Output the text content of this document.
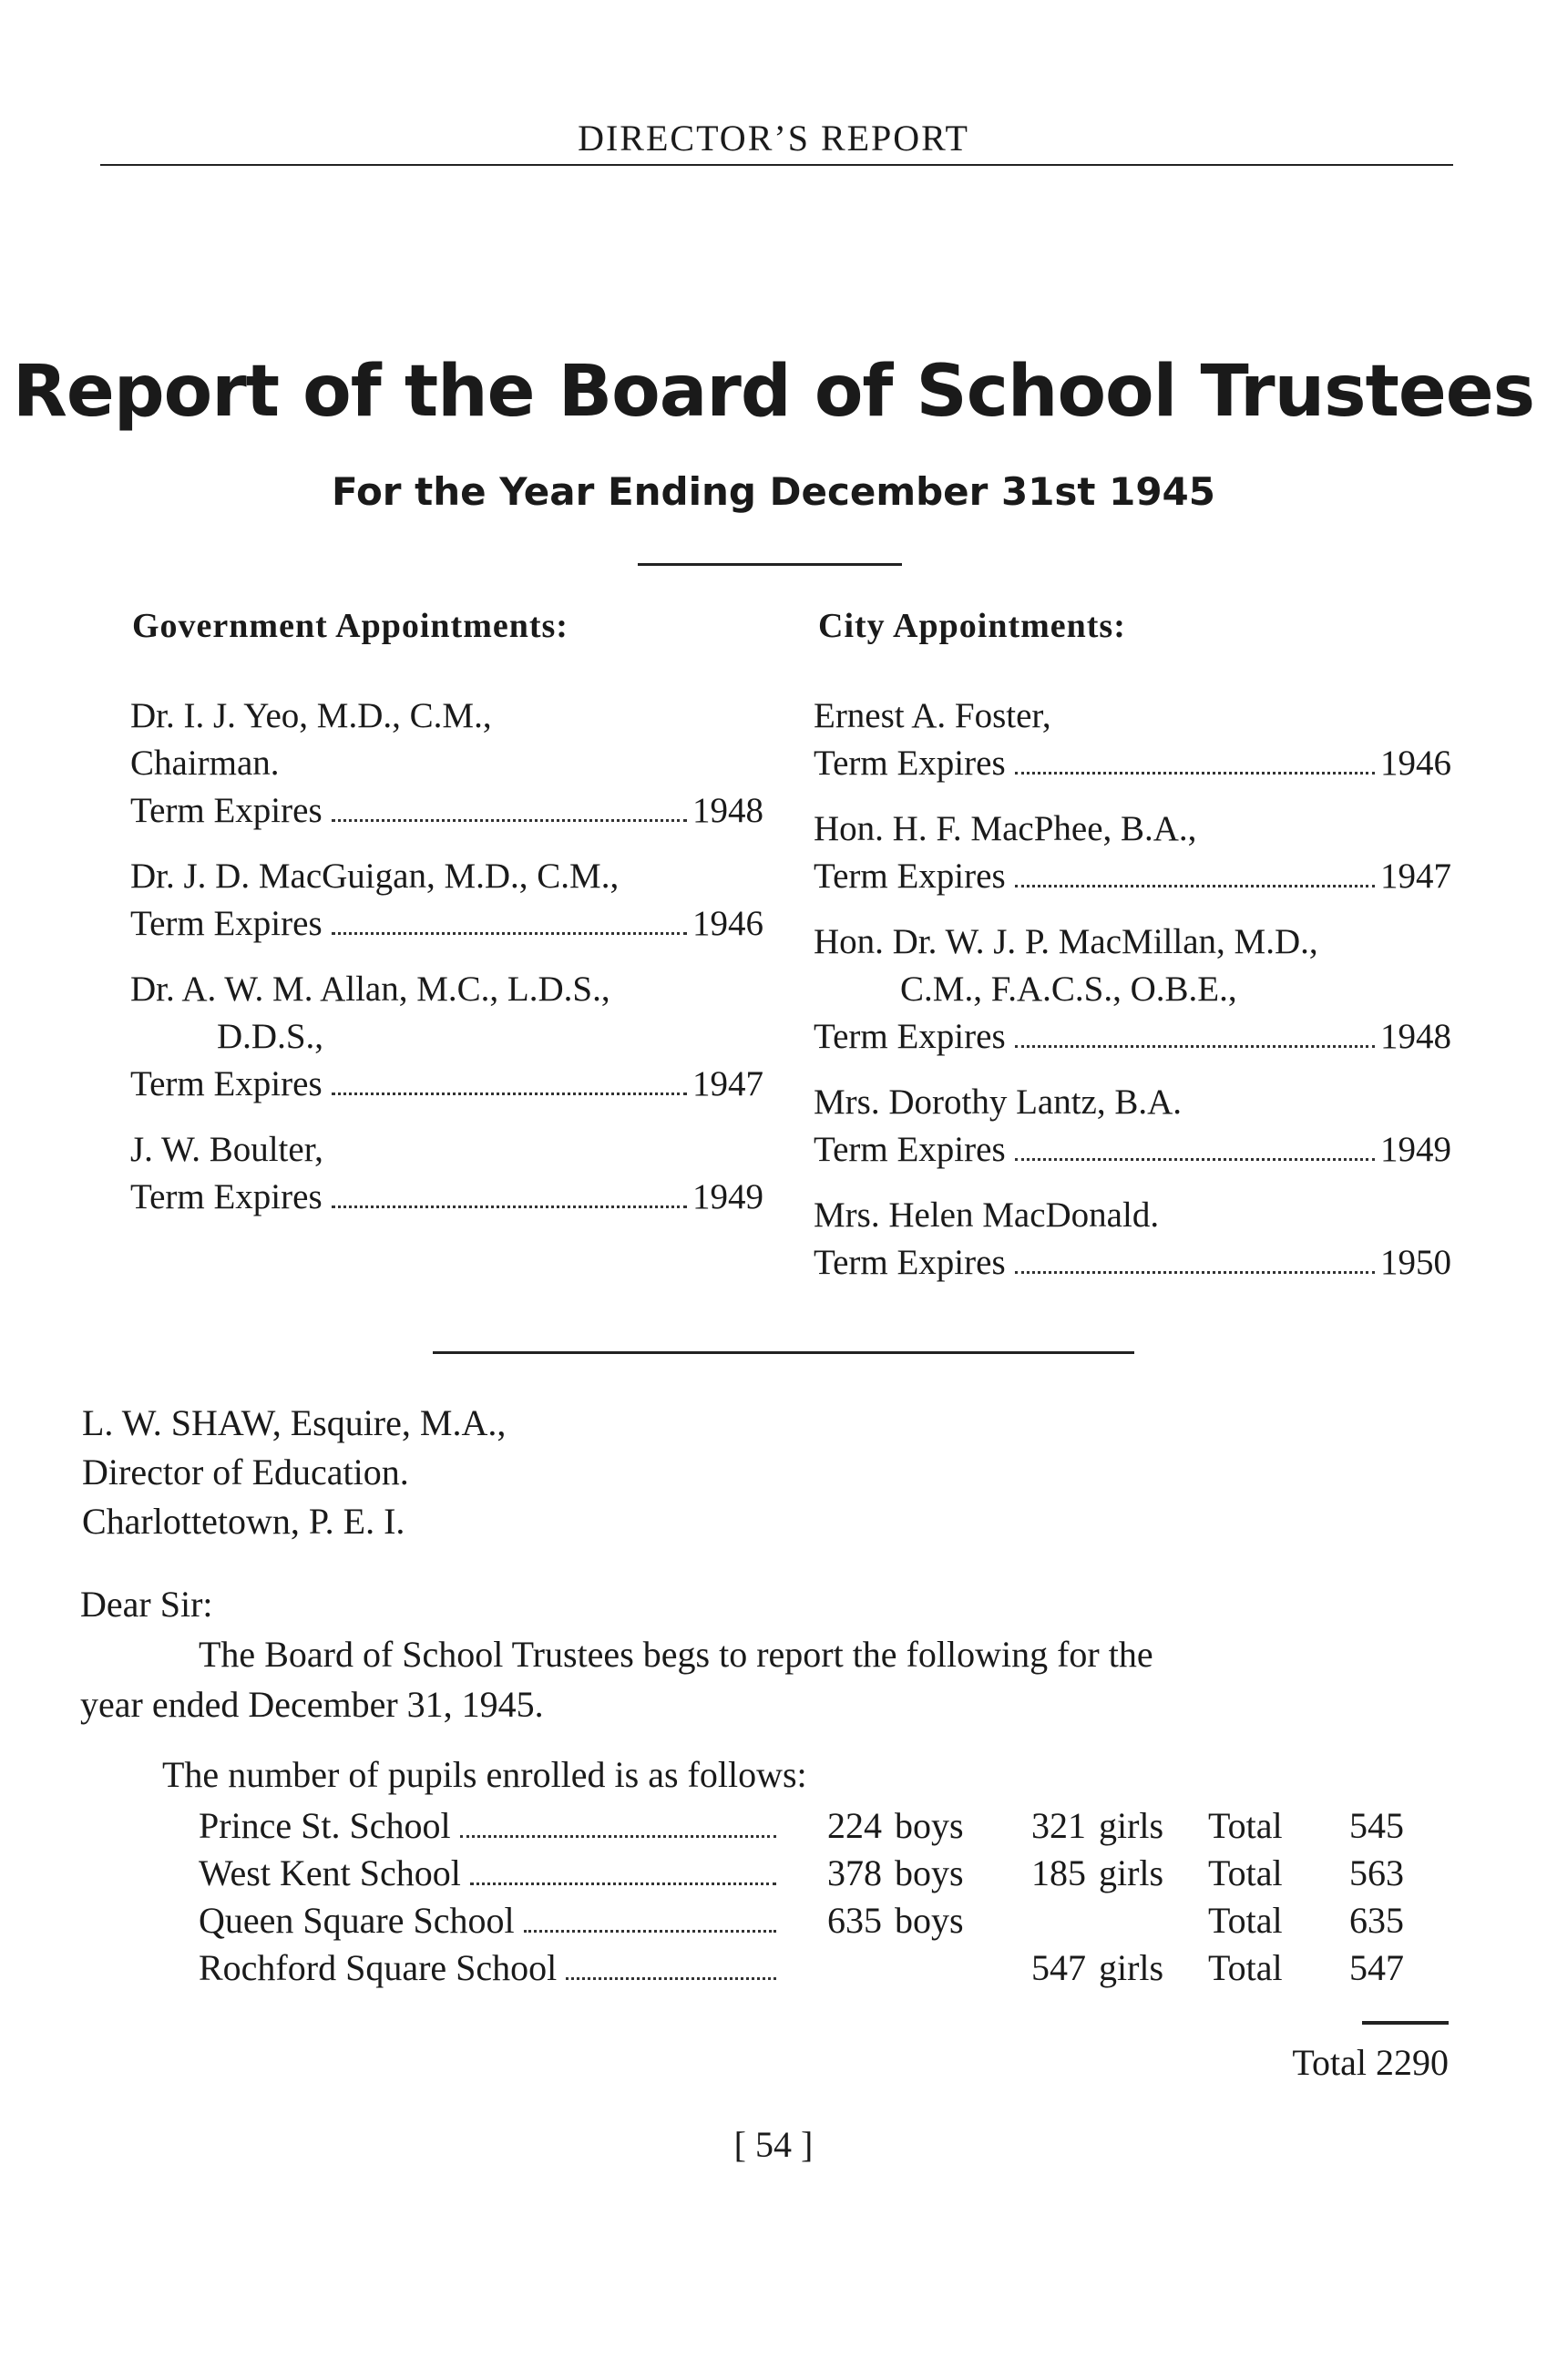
DIRECTOR’S REPORT
Report of the Board of School Trustees
For the Year Ending December 31st 1945
Government Appointments:
Dr. I. J. Yeo, M.D., C.M.,
Chairman.
Term Expires	1948
Dr. J. D. MacGuigan, M.D., C.M.,
Term Expires	1946
Dr. A. W. M. Allan, M.C., L.D.S.,
D.D.S.,
Term Expires	1947
J. W. Boulter,
Term Expires	1949
City Appointments:
Ernest A. Foster,
Term Expires	1946
Hon. H. F. MacPhee, B.A.,
Term Expires	1947
Hon. Dr. W. J. P. MacMillan, M.D.,
C.M., F.A.C.S., O.B.E.,
Term Expires	1948
Mrs. Dorothy Lantz, B.A.
Term Expires	1949
Mrs. Helen MacDonald.
Term Expires	1950
L. W. SHAW, Esquire, M.A.,
Director of Education.
Charlottetown, P. E. I.

Dear Sir:

The Board of School Trustees begs to report the following for the

year ended December 31, 1945.

The number of pupils enrolled is as follows:

Prince St. School	224	boys	321	girls	Total	545

West Kent School	378	boys	185	girls	Total	563

Queen Square School	635	boys			Total	635

Rochford Square School			547	girls	Total	547
Total 2290
[ 54 ]
